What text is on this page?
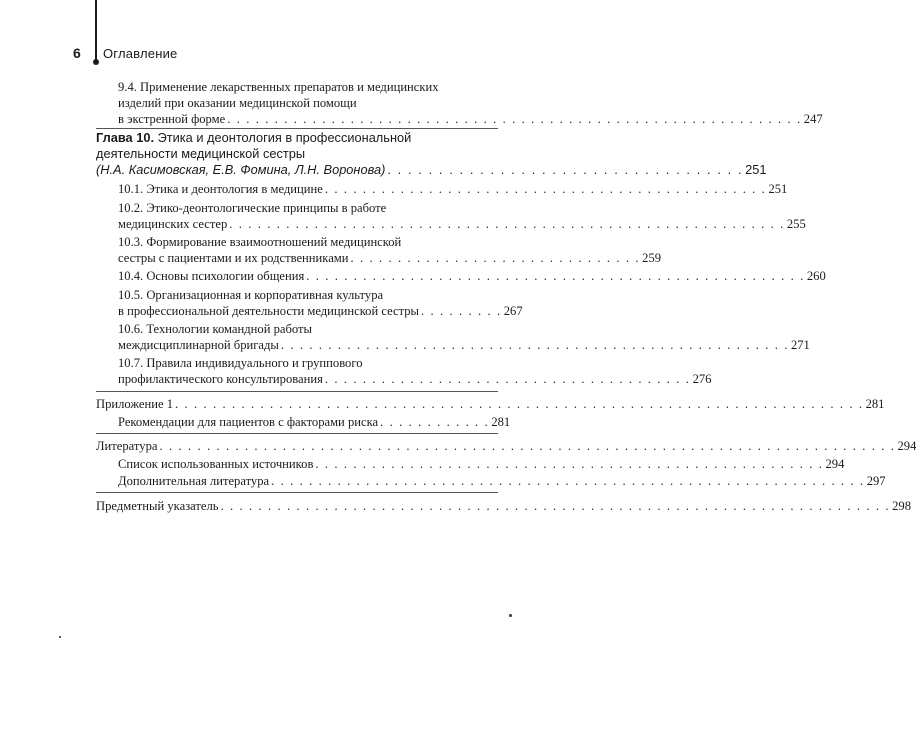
6 Оглавление
9.4. Применение лекарственных препаратов и медицинских
изделий при оказании медицинской помощи
в экстренной форме . . . . . . . . . . . . . . . . . . . . . . . . . . . . . . . . . . . . . . . . . . . . . . . . . . . . . . . . . . . . . 247
Глава 10. Этика и деонтология в профессиональной
деятельности медицинской сестры
(Н.А. Касимовская, Е.В. Фомина, Л.Н. Воронова) . . . . . . . . . . . . . . . . . . . . . . . . . . . . . . . . . . . 251
10.1. Этика и деонтология в медицине . . . . . . . . . . . . . . . . . . . . . . . . . . . . . . . . . . . . . . . . . . . . . . . 251
10.2. Этико-деонтологические принципы в работе
медицинских сестер . . . . . . . . . . . . . . . . . . . . . . . . . . . . . . . . . . . . . . . . . . . . . . . . . . . . . . . . . . . 255
10.3. Формирование взаимоотношений медицинской
сестры с пациентами и их родственниками . . . . . . . . . . . . . . . . . . . . . . . . . . . . . . . 259
10.4. Основы психологии общения . . . . . . . . . . . . . . . . . . . . . . . . . . . . . . . . . . . . . . . . . . . . . . . . . . . . . 260
10.5. Организационная и корпоративная культура
в профессиональной деятельности медицинской сестры . . . . . . . . . 267
10.6. Технологии командной работы
междисциплинарной бригады . . . . . . . . . . . . . . . . . . . . . . . . . . . . . . . . . . . . . . . . . . . . . . . . . . . . . . 271
10.7. Правила индивидуального и группового
профилактического консультирования . . . . . . . . . . . . . . . . . . . . . . . . . . . . . . . . . . . . . . . 276
Приложение 1 . . . . . . . . . . . . . . . . . . . . . . . . . . . . . . . . . . . . . . . . . . . . . . . . . . . . . . . . . . . . . . . . . . . . . . . . . 281
Рекомендации для пациентов с факторами риска . . . . . . . . . . . . 281
Литература . . . . . . . . . . . . . . . . . . . . . . . . . . . . . . . . . . . . . . . . . . . . . . . . . . . . . . . . . . . . . . . . . . . . . . . . . . . . . . 294
Список использованных источников . . . . . . . . . . . . . . . . . . . . . . . . . . . . . . . . . . . . . . . . . . . . . . . . . . . . . . 294
Дополнительная литература . . . . . . . . . . . . . . . . . . . . . . . . . . . . . . . . . . . . . . . . . . . . . . . . . . . . . . . . . . . . . . . 297
Предметный указатель . . . . . . . . . . . . . . . . . . . . . . . . . . . . . . . . . . . . . . . . . . . . . . . . . . . . . . . . . . . . . . . . . . . . . . . 298
